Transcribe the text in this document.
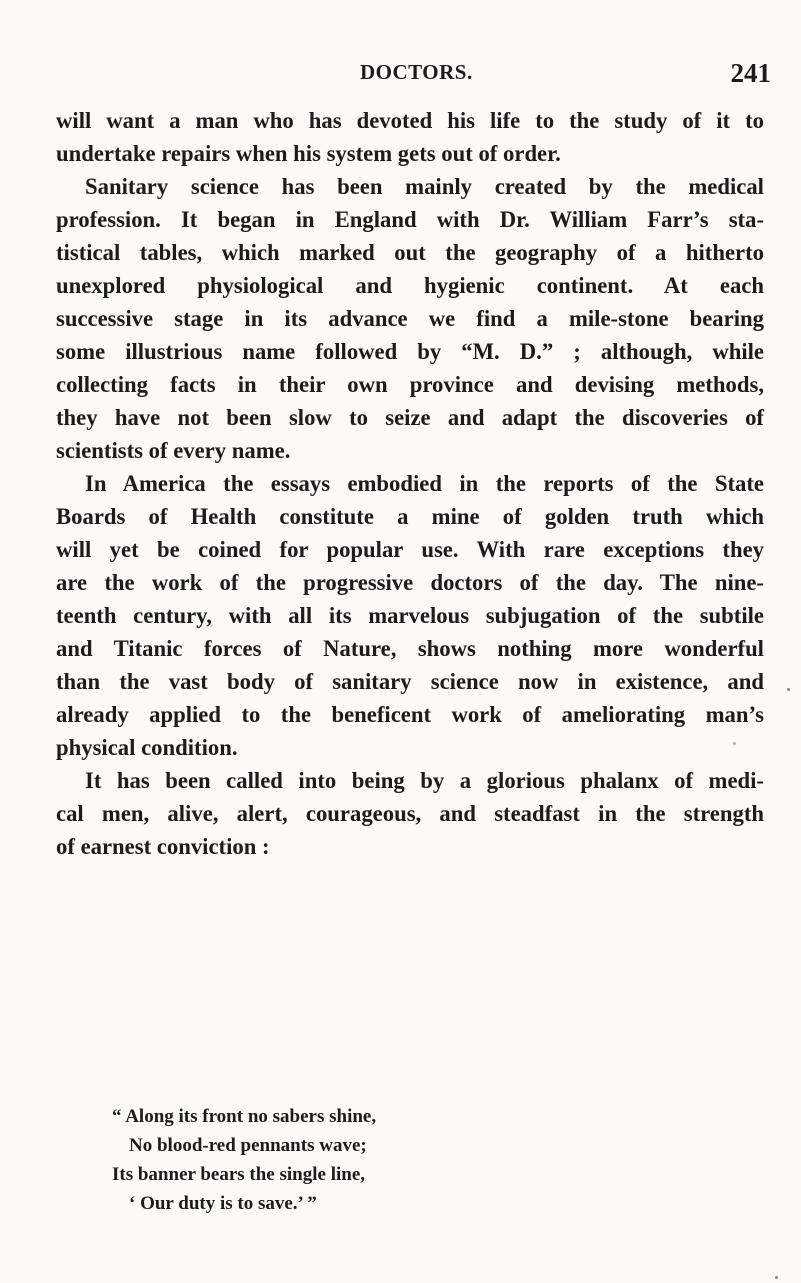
DOCTORS.	241
will want a man who has devoted his life to the study of it to
undertake repairs when his system gets out of order.
Sanitary science has been mainly created by the medical
profession. It began in England with Dr. William Farr’s sta-
tistical tables, which marked out the geography of a hitherto
unexplored physiological and hygienic continent. At each
successive stage in its advance we find a mile-stone bearing
some illustrious name followed by “M. D.” ; although, while
collecting facts in their own province and devising methods,
they have not been slow to seize and adapt the discoveries of
scientists of every name.
In America the essays embodied in the reports of the State
Boards of Health constitute a mine of golden truth which
will yet be coined for popular use. With rare exceptions they
are the work of the progressive doctors of the day. The nine-
teenth century, with all its marvelous subjugation of the subtile
and Titanic forces of Nature, shows nothing more wonderful
than the vast body of sanitary science now in existence, and
already applied to the beneficent work of ameliorating man’s
physical condition.
It has been called into being by a glorious phalanx of medi-
cal men, alive, alert, courageous, and steadfast in the strength
of earnest conviction :
“ Along its front no sabers shine,
No blood-red pennants wave;
Its banner bears the single line,
‘ Our duty is to save.’ ”
